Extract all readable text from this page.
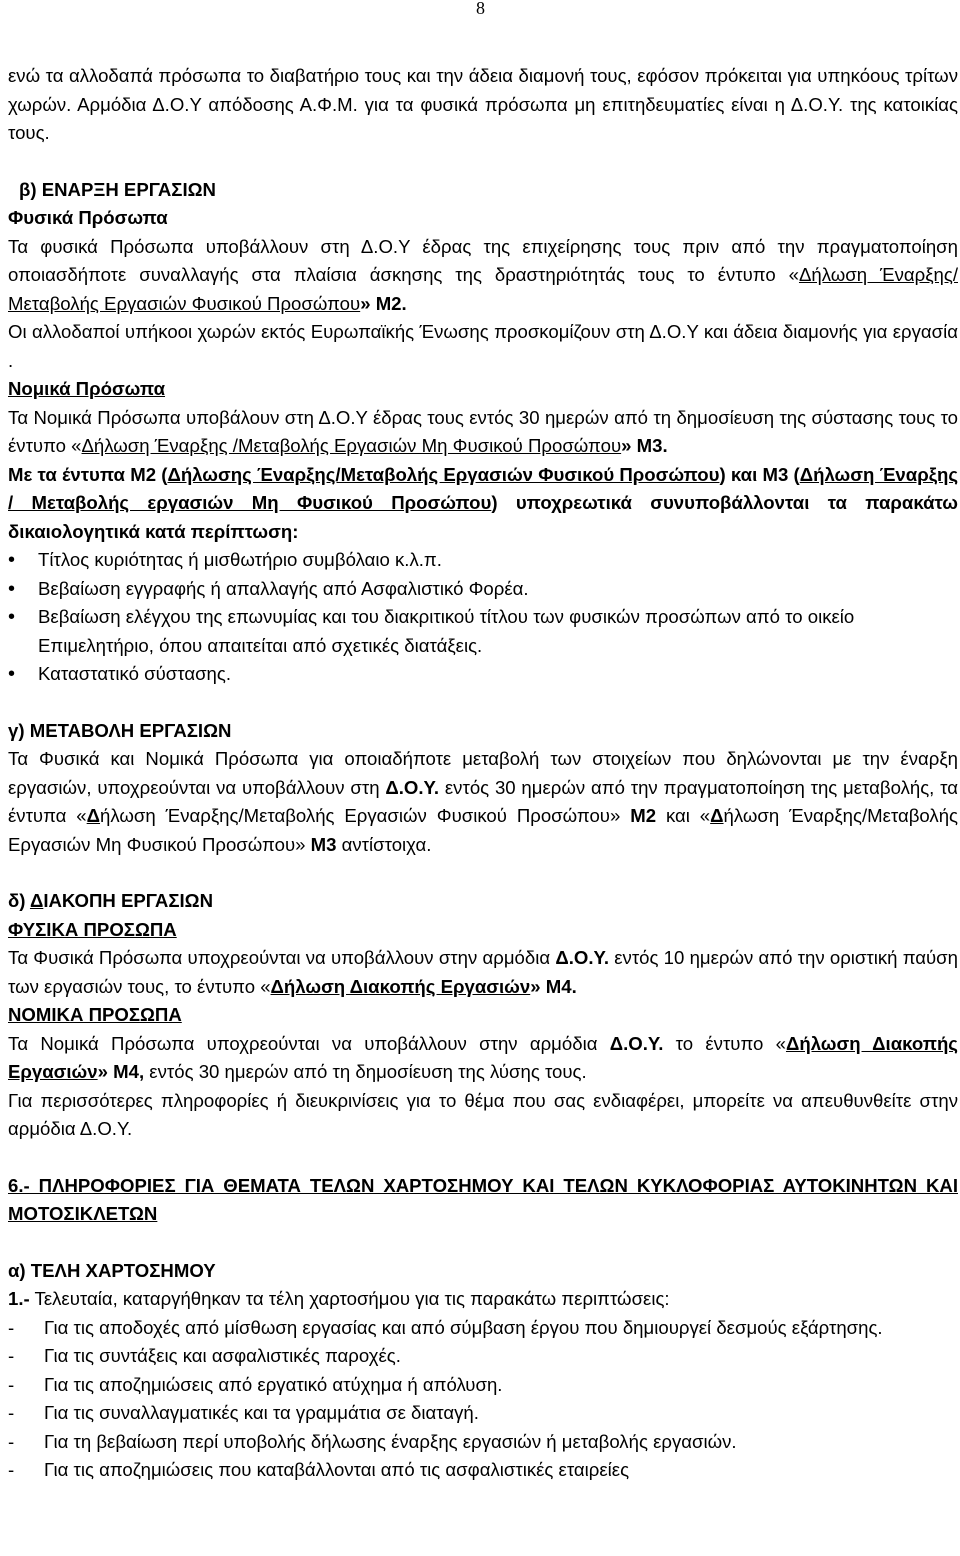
8

ενώ τα αλλοδαπά πρόσωπα το διαβατήριο τους και την άδεια διαμονή τους, εφόσον πρόκειται για υπηκόους τρίτων χωρών. Αρμόδια Δ.Ο.Υ απόδοσης Α.Φ.Μ. για τα φυσικά πρόσωπα μη επιτηδευματίες είναι η Δ.Ο.Υ. της κατοικίας τους.

β) ΕΝΑΡΞΗ ΕΡΓΑΣΙΩΝ

Φυσικά Πρόσωπα

Τα φυσικά Πρόσωπα υποβάλλουν στη Δ.Ο.Υ έδρας της επιχείρησης τους πριν από την πραγματοποίηση οποιασδήποτε συναλλαγής στα πλαίσια άσκησης της δραστηριότητάς τους το έντυπο «Δήλωση Έναρξης/ Μεταβολής Εργασιών Φυσικού Προσώπου» Μ2.

Οι αλλοδαποί υπήκοοι χωρών εκτός Ευρωπαϊκής Ένωσης προσκομίζουν στη Δ.Ο.Υ και άδεια διαμονής για εργασία .

Νομικά Πρόσωπα

Τα Νομικά Πρόσωπα υποβάλουν στη Δ.Ο.Υ έδρας τους εντός 30 ημερών από τη δημοσίευση της σύστασης τους το έντυπο «Δήλωση Έναρξης /Μεταβολής Εργασιών Μη Φυσικού Προσώπου» Μ3.

Με τα έντυπα Μ2 (Δήλωσης Έναρξης/Μεταβολής Εργασιών Φυσικού Προσώπου) και Μ3 (Δήλωση Έναρξης / Μεταβολής εργασιών Μη Φυσικού Προσώπου) υποχρεωτικά συνυποβάλλονται τα παρακάτω δικαιολογητικά κατά περίπτωση:

• Τίτλος κυριότητας ή μισθωτήριο συμβόλαιο κ.λ.π.
• Βεβαίωση εγγραφής ή απαλλαγής από Ασφαλιστικό Φορέα.
• Βεβαίωση ελέγχου της επωνυμίας και του διακριτικού τίτλου των φυσικών προσώπων από το οικείο Επιμελητήριο, όπου απαιτείται από σχετικές διατάξεις.
• Καταστατικό σύστασης.

γ) ΜΕΤΑΒΟΛΗ ΕΡΓΑΣΙΩΝ

Τα Φυσικά και Νομικά Πρόσωπα για οποιαδήποτε μεταβολή των στοιχείων που δηλώνονται με την έναρξη εργασιών, υποχρεούνται να υποβάλλουν στη Δ.Ο.Υ. εντός 30 ημερών από την πραγματοποίηση της μεταβολής, τα έντυπα «Δήλωση Έναρξης/Μεταβολής Εργασιών Φυσικού Προσώπου» Μ2 και «Δήλωση Έναρξης/Μεταβολής Εργασιών Μη Φυσικού Προσώπου» Μ3 αντίστοιχα.

δ) ΔΙΑΚΟΠΗ ΕΡΓΑΣΙΩΝ

ΦΥΣΙΚΑ ΠΡΟΣΩΠΑ

Τα Φυσικά Πρόσωπα υποχρεούνται να υποβάλλουν στην αρμόδια Δ.Ο.Υ. εντός 10 ημερών από την οριστική παύση των εργασιών τους, το έντυπο «Δήλωση Διακοπής Εργασιών» Μ4.

ΝΟΜΙΚΑ ΠΡΟΣΩΠΑ

Τα Νομικά Πρόσωπα υποχρεούνται να υποβάλλουν στην αρμόδια Δ.Ο.Υ. το έντυπο «Δήλωση Διακοπής Εργασιών» Μ4, εντός 30 ημερών από τη δημοσίευση της λύσης τους.

Για περισσότερες πληροφορίες ή διευκρινίσεις για το θέμα που σας ενδιαφέρει, μπορείτε να απευθυνθείτε στην αρμόδια Δ.Ο.Υ.

6.- ΠΛΗΡΟΦΟΡΙΕΣ ΓΙΑ ΘΕΜΑΤΑ ΤΕΛΩΝ ΧΑΡΤΟΣΗΜΟΥ ΚΑΙ ΤΕΛΩΝ ΚΥΚΛΟΦΟΡΙΑΣ ΑΥΤΟΚΙΝΗΤΩΝ ΚΑΙ ΜΟΤΟΣΙΚΛΕΤΩΝ

α) ΤΕΛΗ ΧΑΡΤΟΣΗΜΟΥ

1.- Τελευταία, καταργήθηκαν τα τέλη χαρτοσήμου για τις παρακάτω περιπτώσεις:

- Για τις αποδοχές από μίσθωση εργασίας και από σύμβαση έργου που δημιουργεί δεσμούς εξάρτησης.
- Για τις συντάξεις και ασφαλιστικές παροχές.
- Για τις αποζημιώσεις από εργατικό ατύχημα ή απόλυση.
- Για τις συναλλαγματικές και τα γραμμάτια σε διαταγή.
- Για τη βεβαίωση περί υποβολής δήλωσης έναρξης εργασιών ή μεταβολής εργασιών.
- Για τις αποζημιώσεις που καταβάλλονται από τις ασφαλιστικές εταιρείες
